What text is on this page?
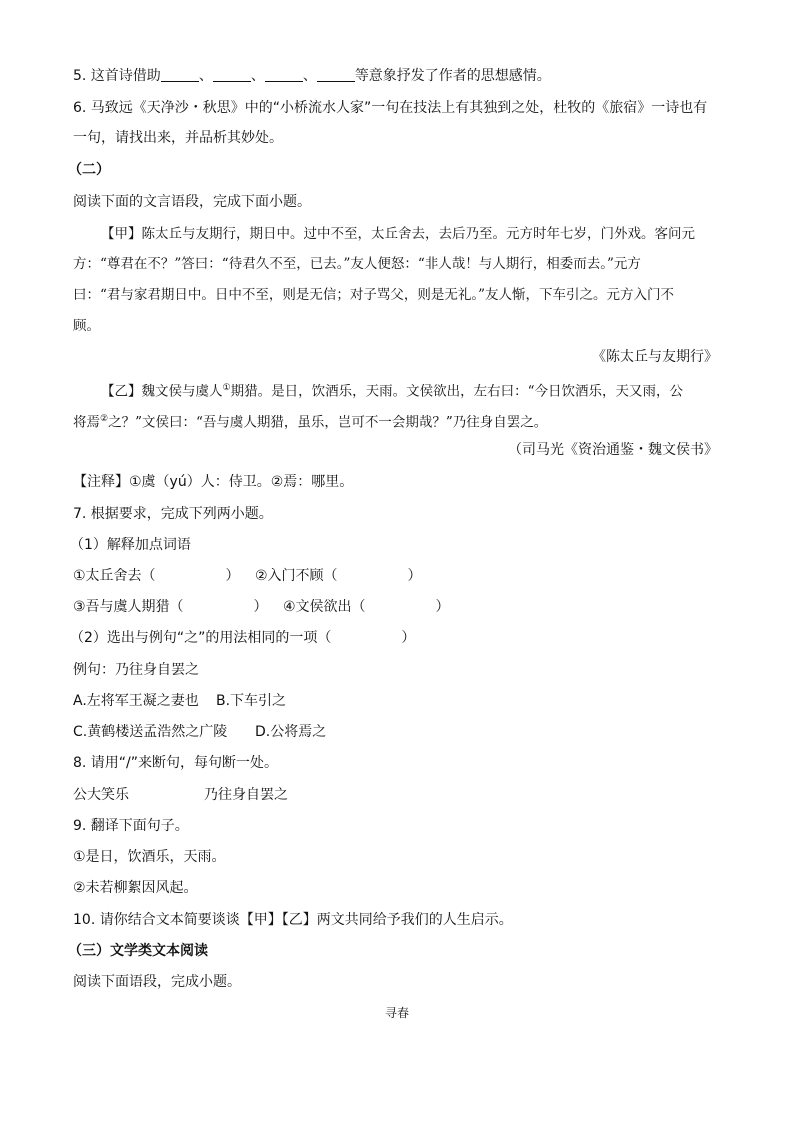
5. 这首诗借助	、	、	、	等意象抒发了作者的思想感情。
6. 马致远《天净沙・秋思》中的“小桥流水人家”一句在技法上有其独到之处，杜牧的《旅宿》一诗也有
一句，请找出来，并品析其妙处。
（二）
阅读下面的文言语段，完成下面小题。
【甲】陈太丘与友期行，期日中。过中不至，太丘舍去，去后乃至。元方时年七岁，门外戏。客问元
方：“尊君在不？”答曰：“待君久不至，已去。”友人便怒：“非人哉！与人期行，相委而去。”元方
曰：“君与家君期日中。日中不至，则是无信；对子骂父，则是无礼。”友人惭，下车引之。元方入门不
顾。
《陈太丘与友期行》
【乙】魏文侯与虞人①期猎。是日，饮酒乐，天雨。文侯欲出，左右曰：“今日饮酒乐，天又雨，公
将焉②之？”文侯曰：“吾与虞人期猎，虽乐，岂可不一会期哉？”乃往身自罢之。
（司马光《资治通鉴・魏文侯书》
【注释】①虞（yú）人：侍卫。②焉：哪里。
7. 根据要求，完成下列两小题。
（1）解释加点词语
①太丘舍去（　　　　　） ②入门不顾（　　　　　）
③吾与虞人期猎（　　　　　） ④文侯欲出（　　　　　）
（2）选出与例句“之”的用法相同的一项（　　　　　）
例句：乃往身自罢之
A.左将军王凝之妻也 B.下车引之
C.黄鹤楼送孟浩然之广陵 D.公将焉之
8. 请用“/”来断句，每句断一处。
公大笑乐	乃往身自罢之
9. 翻译下面句子。
①是日，饮酒乐，天雨。
②未若柳絮因风起。
10. 请你结合文本简要谈谈【甲】【乙】两文共同给予我们的人生启示。
（三）文学类文本阅读
阅读下面语段，完成小题。
寻春
